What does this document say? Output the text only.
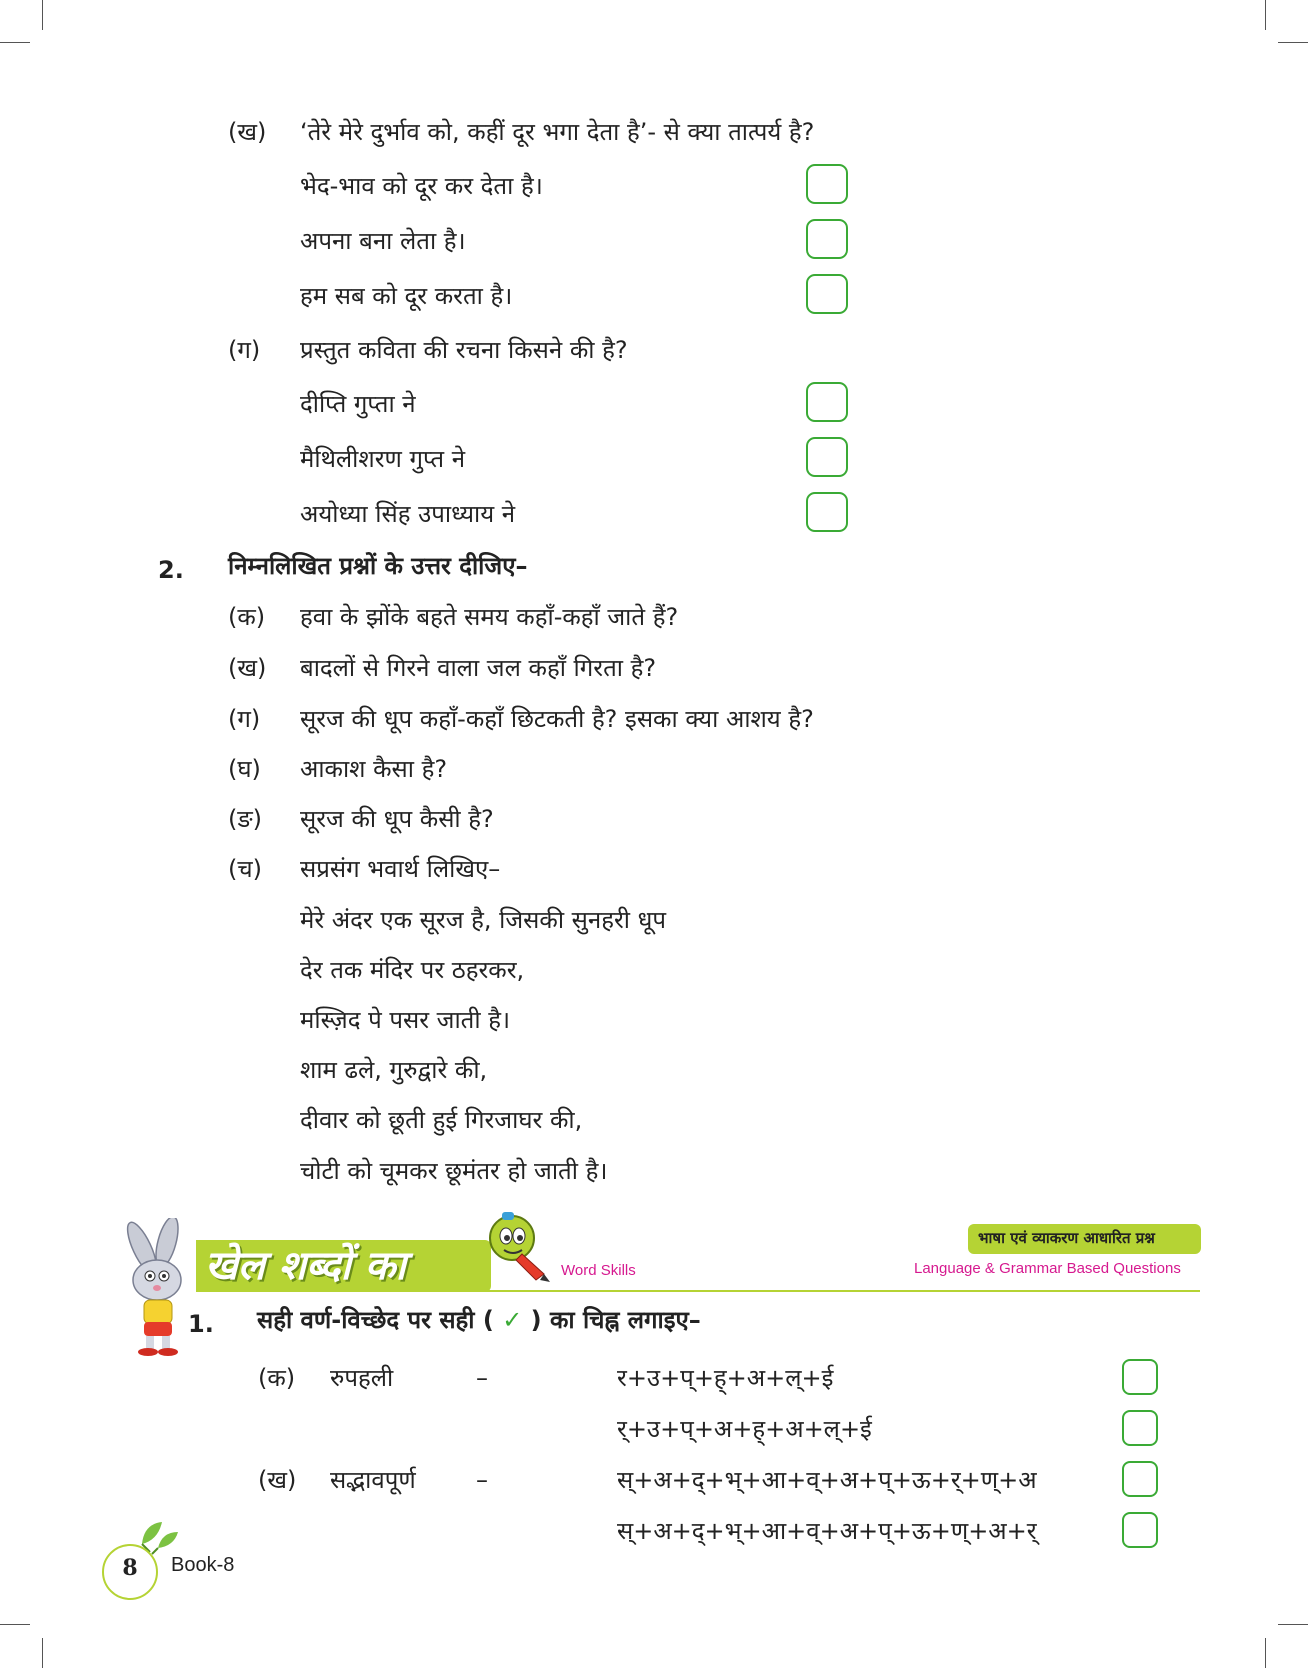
(ख) ‘तेरे मेरे दुर्भाव को, कहीं दूर भगा देता है’- से क्या तात्पर्य है?
भेद-भाव को दूर कर देता है।
अपना बना लेता है।
हम सब को दूर करता है।
(ग) प्रस्तुत कविता की रचना किसने की है?
दीप्ति गुप्ता ने
मैथिलीशरण गुप्त ने
अयोध्या सिंह उपाध्याय ने
2. निम्नलिखित प्रश्नों के उत्तर दीजिए–
(क) हवा के झोंके बहते समय कहाँ-कहाँ जाते हैं?
(ख) बादलों से गिरने वाला जल कहाँ गिरता है?
(ग) सूरज की धूप कहाँ-कहाँ छिटकती है? इसका क्या आशय है?
(घ) आकाश कैसा है?
(ङ) सूरज की धूप कैसी है?
(च) सप्रसंग भवार्थ लिखिए–
मेरे अंदर एक सूरज है, जिसकी सुनहरी धूप
देर तक मंदिर पर ठहरकर,
मस्ज़िद पे पसर जाती है।
शाम ढले, गुरुद्वारे की,
दीवार को छूती हुई गिरजाघर की,
चोटी को चूमकर छूमंतर हो जाती है।
खेल शब्दों का	Word Skills
भाषा एवं व्याकरण आधारित प्रश्न
Language & Grammar Based Questions
1. सही वर्ण-विच्छेद पर सही ( ✓ ) का चिह्न लगाइए–
(क) रुपहली	–	र+उ+प्+ह्+अ+ल्+ई
र्+उ+प्+अ+ह्+अ+ल्+ई
(ख) सद्भावपूर्ण	–	स्+अ+द्+भ्+आ+व्+अ+प्+ऊ+र्+ण्+अ
स्+अ+द्+भ्+आ+व्+अ+प्+ऊ+ण्+अ+र्
8	Book-8
